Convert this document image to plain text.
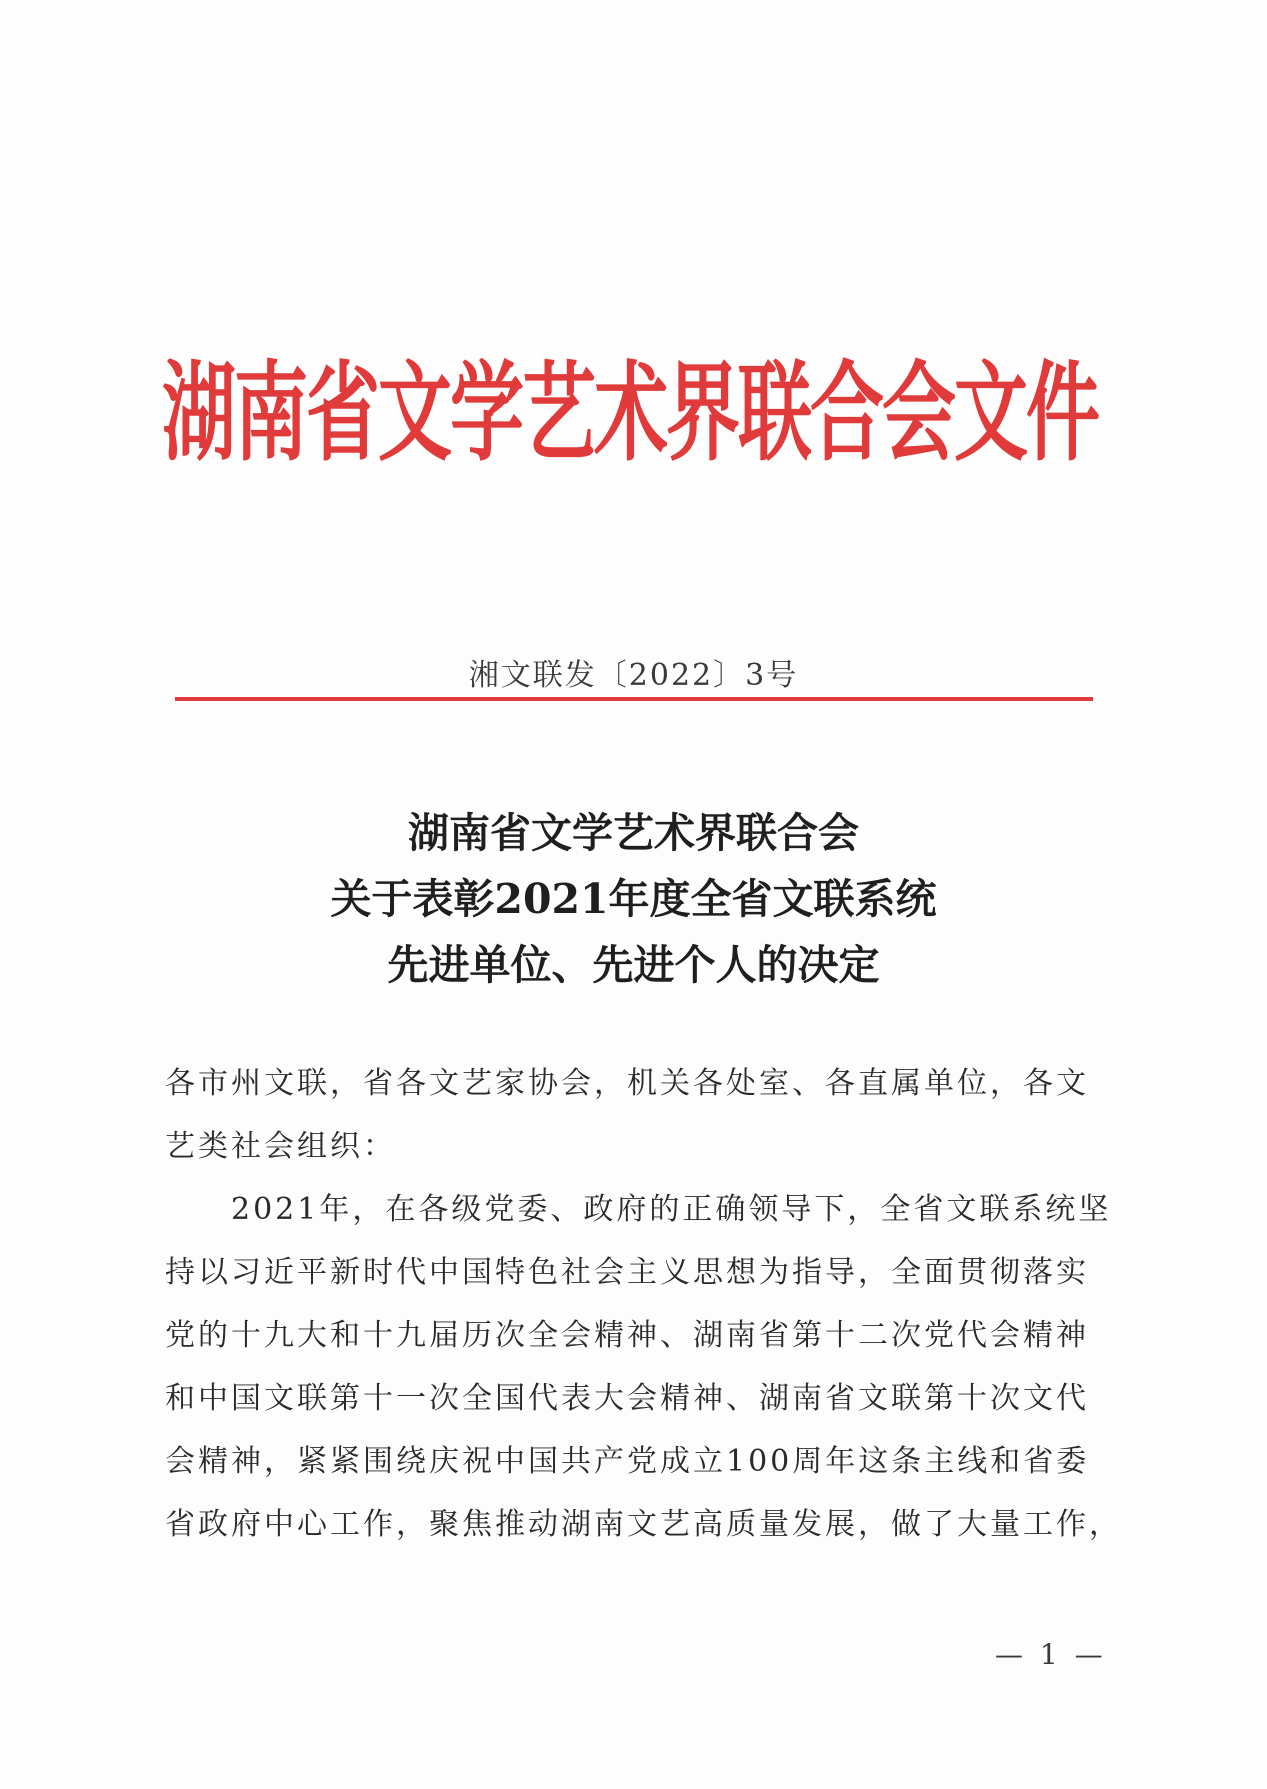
湖南省文学艺术界联合会文件
湘文联发〔2022〕3号
湖南省文学艺术界联合会
关于表彰2021年度全省文联系统
先进单位、先进个人的决定
各市州文联，省各文艺家协会，机关各处室、各直属单位，各文
艺类社会组织：
　　2021年，在各级党委、政府的正确领导下，全省文联系统坚
持以习近平新时代中国特色社会主义思想为指导，全面贯彻落实
党的十九大和十九届历次全会精神、湖南省第十二次党代会精神
和中国文联第十一次全国代表大会精神、湖南省文联第十次文代
会精神，紧紧围绕庆祝中国共产党成立100周年这条主线和省委
省政府中心工作，聚焦推动湖南文艺高质量发展，做了大量工作，
— 1 —
